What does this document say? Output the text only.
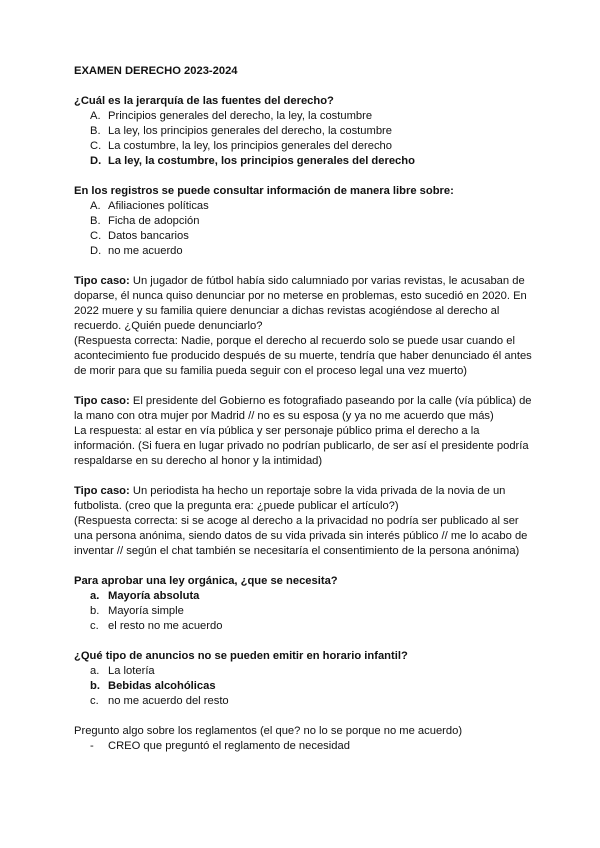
EXAMEN DERECHO 2023-2024

¿Cuál es la jerarquía de las fuentes del derecho?

A. Principios generales del derecho, la ley, la costumbre
B. La ley, los principios generales del derecho, la costumbre
C. La costumbre, la ley, los principios generales del derecho
D. La ley, la costumbre, los principios generales del derecho

En los registros se puede consultar información de manera libre sobre:

A. Afiliaciones políticas
B. Ficha de adopción
C. Datos bancarios
D. no me acuerdo

Tipo caso: Un jugador de fútbol había sido calumniado por varias revistas, le acusaban de doparse, él nunca quiso denunciar por no meterse en problemas, esto sucedió en 2020. En 2022 muere y su familia quiere denunciar a dichas revistas acogiéndose al derecho al recuerdo. ¿Quién puede denunciarlo?

(Respuesta correcta: Nadie, porque el derecho al recuerdo solo se puede usar cuando el acontecimiento fue producido después de su muerte, tendría que haber denunciado él antes de morir para que su familia pueda seguir con el proceso legal una vez muerto)

Tipo caso: El presidente del Gobierno es fotografiado paseando por la calle (vía pública) de la mano con otra mujer por Madrid // no es su esposa (y ya no me acuerdo que más)

La respuesta: al estar en vía pública y ser personaje público prima el derecho a la información. (Si fuera en lugar privado no podrían publicarlo, de ser así el presidente podría respaldarse en su derecho al honor y la intimidad)

Tipo caso: Un periodista ha hecho un reportaje sobre la vida privada de la novia de un futbolista. (creo que la pregunta era: ¿puede publicar el artículo?)

(Respuesta correcta: si se acoge al derecho a la privacidad no podría ser publicado al ser una persona anónima, siendo datos de su vida privada sin interés público // me lo acabo de inventar // según el chat también se necesitaría el consentimiento de la persona anónima)

Para aprobar una ley orgánica, ¿que se necesita?

a. Mayoría absoluta
b. Mayoría simple
c. el resto no me acuerdo

¿Qué tipo de anuncios no se pueden emitir en horario infantil?

a. La lotería
b. Bebidas alcohólicas
c. no me acuerdo del resto

Pregunto algo sobre los reglamentos (el que? no lo se porque no me acuerdo)

- CREO que preguntó el reglamento de necesidad
